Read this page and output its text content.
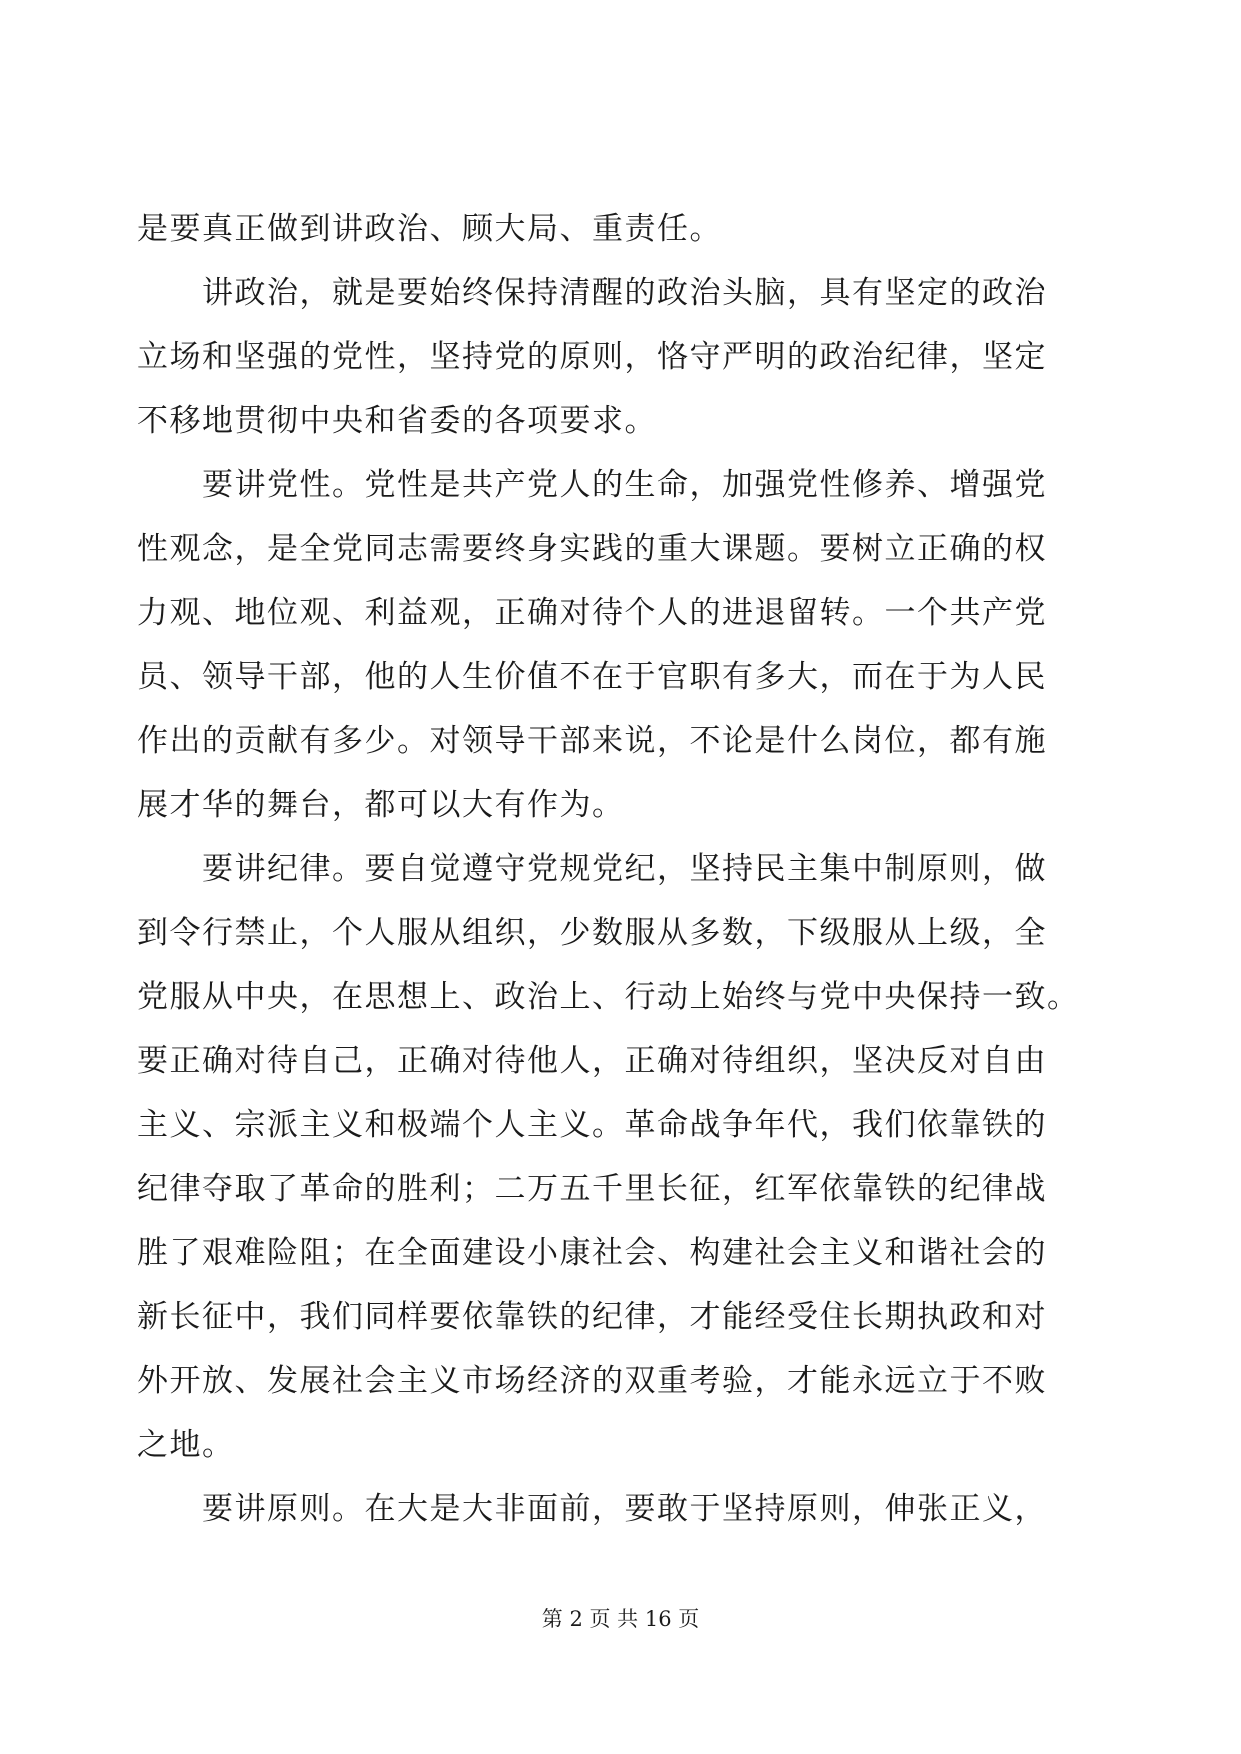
是要真正做到讲政治、顾大局、重责任。
　　讲政治，就是要始终保持清醒的政治头脑，具有坚定的政治
立场和坚强的党性，坚持党的原则，恪守严明的政治纪律，坚定
不移地贯彻中央和省委的各项要求。
　　要讲党性。党性是共产党人的生命，加强党性修养、增强党
性观念，是全党同志需要终身实践的重大课题。要树立正确的权
力观、地位观、利益观，正确对待个人的进退留转。一个共产党
员、领导干部，他的人生价值不在于官职有多大，而在于为人民
作出的贡献有多少。对领导干部来说，不论是什么岗位，都有施
展才华的舞台，都可以大有作为。
　　要讲纪律。要自觉遵守党规党纪，坚持民主集中制原则，做
到令行禁止，个人服从组织，少数服从多数，下级服从上级，全
党服从中央，在思想上、政治上、行动上始终与党中央保持一致。
要正确对待自己，正确对待他人，正确对待组织，坚决反对自由
主义、宗派主义和极端个人主义。革命战争年代，我们依靠铁的
纪律夺取了革命的胜利；二万五千里长征，红军依靠铁的纪律战
胜了艰难险阻；在全面建设小康社会、构建社会主义和谐社会的
新长征中，我们同样要依靠铁的纪律，才能经受住长期执政和对
外开放、发展社会主义市场经济的双重考验，才能永远立于不败
之地。
　　要讲原则。在大是大非面前，要敢于坚持原则，伸张正义，
第 2 页 共 16 页
